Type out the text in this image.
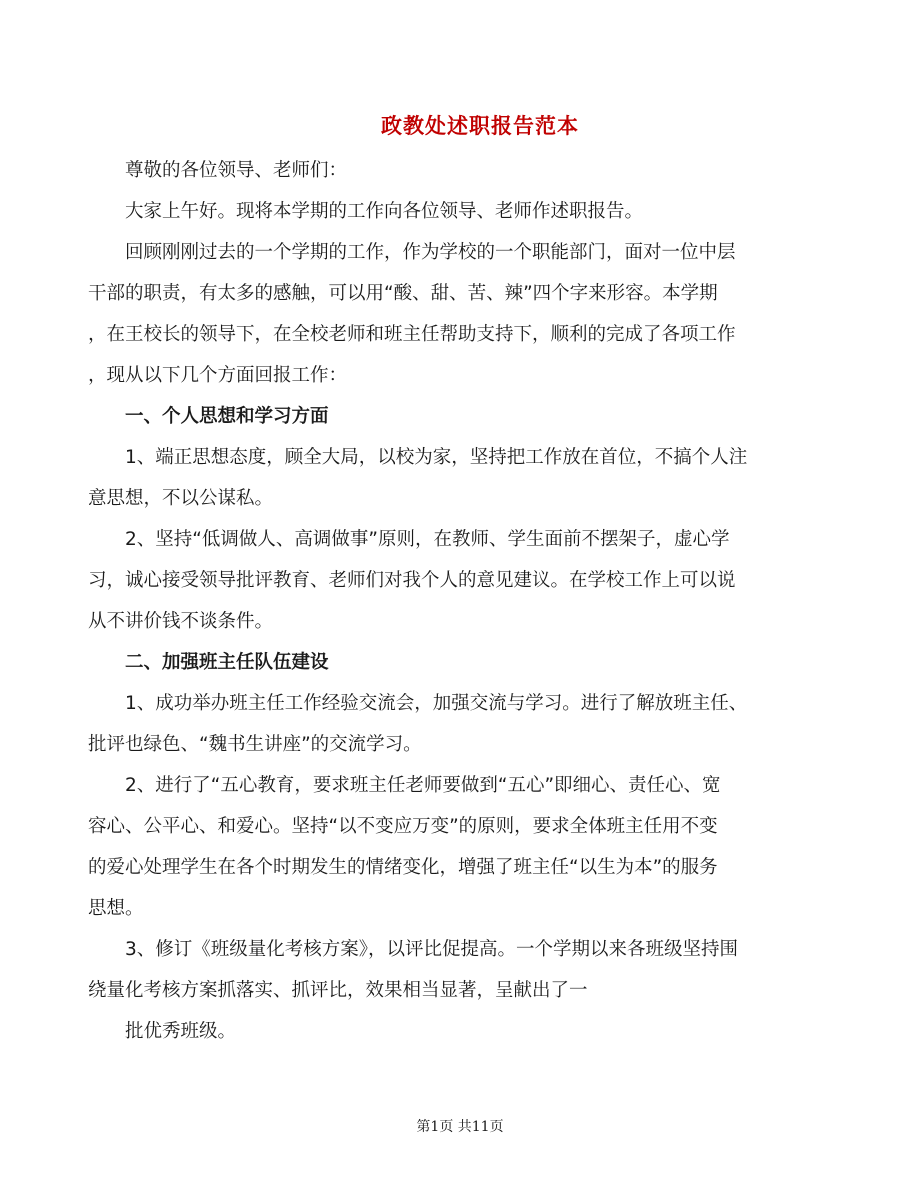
政教处述职报告范本

尊敬的各位领导、老师们：

大家上午好。现将本学期的工作向各位领导、老师作述职报告。

回顾刚刚过去的一个学期的工作，作为学校的一个职能部门，面对一位中层
干部的职责，有太多的感触，可以用“酸、甜、苦、辣”四个字来形容。本学期
，在王校长的领导下，在全校老师和班主任帮助支持下，顺利的完成了各项工作
，现从以下几个方面回报工作：

一、个人思想和学习方面

1、端正思想态度，顾全大局，以校为家，坚持把工作放在首位，不搞个人注
意思想，不以公谋私。

2、坚持“低调做人、高调做事”原则，在教师、学生面前不摆架子，虚心学
习，诚心接受领导批评教育、老师们对我个人的意见建议。在学校工作上可以说
从不讲价钱不谈条件。

二、加强班主任队伍建设

1、成功举办班主任工作经验交流会，加强交流与学习。进行了解放班主任、
批评也绿色、“魏书生讲座”的交流学习。

2、进行了“五心教育，要求班主任老师要做到“五心”即细心、责任心、宽
容心、公平心、和爱心。坚持“以不变应万变”的原则，要求全体班主任用不变
的爱心处理学生在各个时期发生的情绪变化，增强了班主任“以生为本”的服务
思想。

3、修订《班级量化考核方案》，以评比促提高。一个学期以来各班级坚持围
绕量化考核方案抓落实、抓评比，效果相当显著，呈献出了一

批优秀班级。

第1页 共11页
